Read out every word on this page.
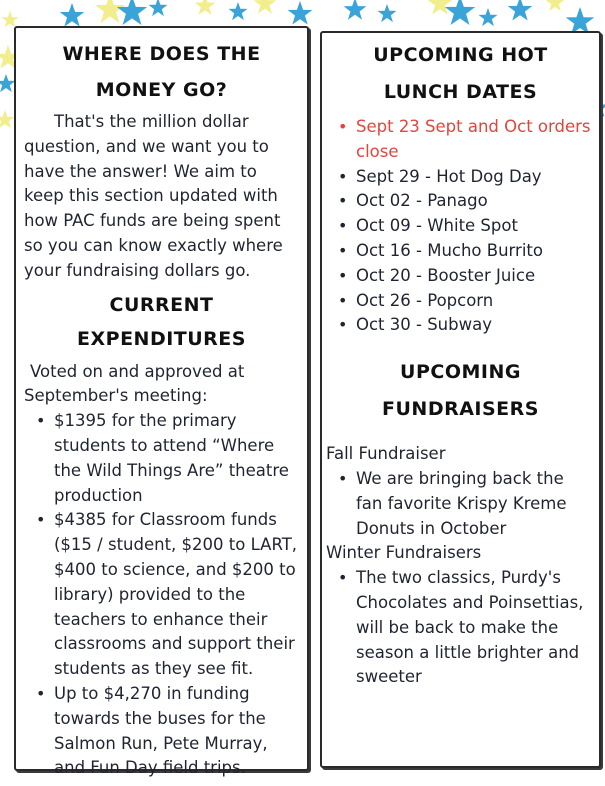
WHERE DOES THE MONEY GO?

That's the million dollar question, and we want you to have the answer! We aim to keep this section updated with how PAC funds are being spent so you can know exactly where your fundraising dollars go.

CURRENT EXPENDITURES

Voted on and approved at September's meeting:

• $1395 for the primary students to attend “Where the Wild Things Are” theatre production
• $4385 for Classroom funds ($15 / student, $200 to LART, $400 to science, and $200 to library) provided to the teachers to enhance their classrooms and support their students as they see fit.
• Up to $4,270 in funding towards the buses for the Salmon Run, Pete Murray, and Fun Day field trips.
UPCOMING HOT
LUNCH DATES
• Sept 23 Sept and Oct orders close
• Sept 29 - Hot Dog Day
• Oct 02 - Panago
• Oct 09 - White Spot
• Oct 16 - Mucho Burrito
• Oct 20 - Booster Juice
• Oct 26 - Popcorn
• Oct 30 - Subway
UPCOMING
FUNDRAISERS

Fall Fundraiser

• We are bringing back the fan favorite Krispy Kreme Donuts in October

Winter Fundraisers

• The two classics, Purdy's Chocolates and Poinsettias, will be back to make the season a little brighter and sweeter
